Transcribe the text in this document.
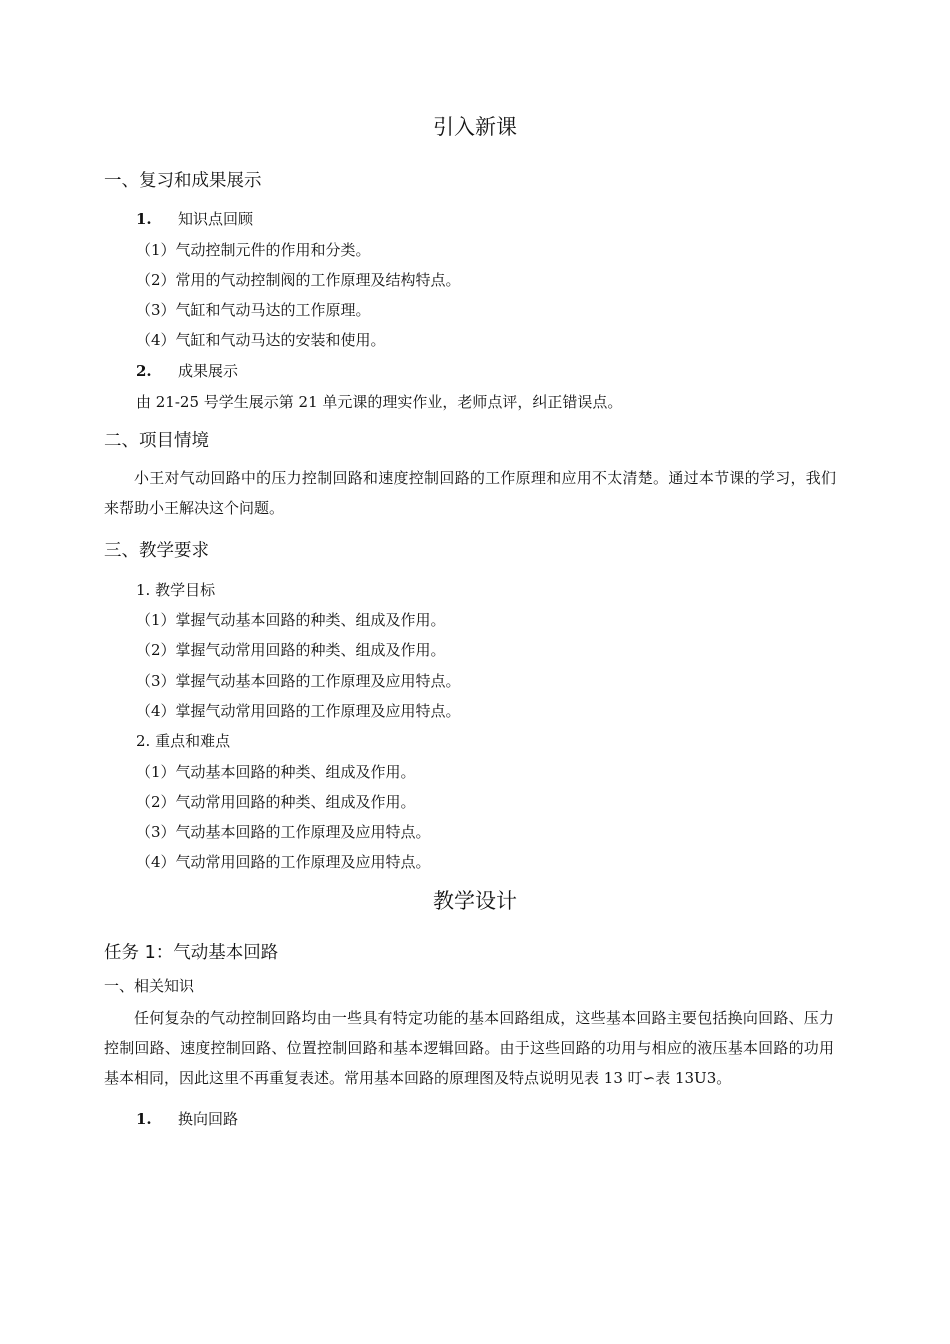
引入新课
一、复习和成果展示
1. 知识点回顾
（1）气动控制元件的作用和分类。
（2）常用的气动控制阀的工作原理及结构特点。
（3）气缸和气动马达的工作原理。
（4）气缸和气动马达的安装和使用。
2. 成果展示
由 21-25 号学生展示第 21 单元课的理实作业，老师点评，纠正错误点。
二、项目情境
小王对气动回路中的压力控制回路和速度控制回路的工作原理和应用不太清楚。通过本节课的学习，我们来帮助小王解决这个问题。
三、教学要求
1. 教学目标
（1）掌握气动基本回路的种类、组成及作用。
（2）掌握气动常用回路的种类、组成及作用。
（3）掌握气动基本回路的工作原理及应用特点。
（4）掌握气动常用回路的工作原理及应用特点。
2. 重点和难点
（1）气动基本回路的种类、组成及作用。
（2）气动常用回路的种类、组成及作用。
（3）气动基本回路的工作原理及应用特点。
（4）气动常用回路的工作原理及应用特点。
教学设计
任务 1：气动基本回路
一、相关知识
任何复杂的气动控制回路均由一些具有特定功能的基本回路组成，这些基本回路主要包括换向回路、压力控制回路、速度控制回路、位置控制回路和基本逻辑回路。由于这些回路的功用与相应的液压基本回路的功用基本相同，因此这里不再重复表述。常用基本回路的原理图及特点说明见表 13 叮∽表 13U3。
1. 换向回路
